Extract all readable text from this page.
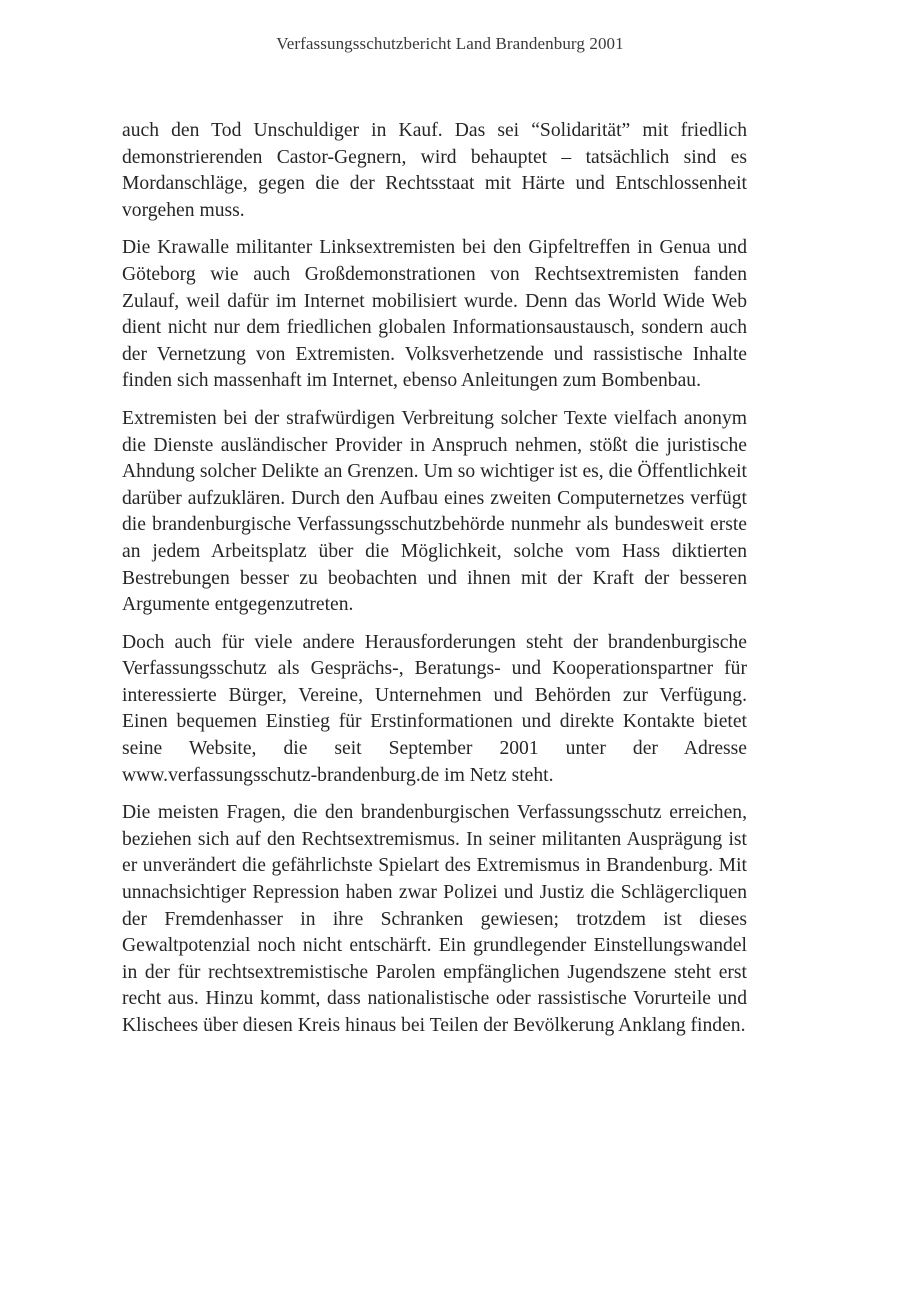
Verfassungsschutzbericht Land Brandenburg 2001

auch den Tod Unschuldiger in Kauf. Das sei “Solidarität” mit friedlich demonstrierenden Castor-Gegnern, wird behauptet – tatsächlich sind es Mordanschläge, gegen die der Rechtsstaat mit Härte und Entschlossenheit vorgehen muss.

Die Krawalle militanter Linksextremisten bei den Gipfeltreffen in Genua und Göteborg wie auch Großdemonstrationen von Rechtsextremisten fanden Zulauf, weil dafür im Internet mobilisiert wurde. Denn das World Wide Web dient nicht nur dem friedlichen globalen Informationsaustausch, sondern auch der Vernetzung von Extremisten. Volksverhetzende und rassistische Inhalte finden sich massenhaft im Internet, ebenso Anleitungen zum Bombenbau.

Extremisten bei der strafwürdigen Verbreitung solcher Texte vielfach anonym die Dienste ausländischer Provider in Anspruch nehmen, stößt die juristische Ahndung solcher Delikte an Grenzen. Um so wichtiger ist es, die Öffentlichkeit darüber aufzuklären. Durch den Aufbau eines zweiten Computernetzes verfügt die brandenburgische Verfassungsschutzbehörde nunmehr als bundesweit erste an jedem Arbeitsplatz über die Möglichkeit, solche vom Hass diktierten Bestrebungen besser zu beobachten und ihnen mit der Kraft der besseren Argumente entgegenzutreten.

Doch auch für viele andere Herausforderungen steht der brandenburgische Verfassungsschutz als Gesprächs-, Beratungs- und Kooperationspartner für interessierte Bürger, Vereine, Unternehmen und Behörden zur Verfügung. Einen bequemen Einstieg für Erstinformationen und direkte Kontakte bietet seine Website, die seit September 2001 unter der Adresse www.verfassungsschutz-brandenburg.de im Netz steht.

Die meisten Fragen, die den brandenburgischen Verfassungsschutz erreichen, beziehen sich auf den Rechtsextremismus. In seiner militanten Ausprägung ist er unverändert die gefährlichste Spielart des Extremismus in Brandenburg. Mit unnachsichtiger Repression haben zwar Polizei und Justiz die Schlägercliquen der Fremdenhasser in ihre Schranken gewiesen; trotzdem ist dieses Gewaltpotenzial noch nicht entschärft. Ein grundlegender Einstellungswandel in der für rechtsextremistische Parolen empfänglichen Jugendszene steht erst recht aus. Hinzu kommt, dass nationalistische oder rassistische Vorurteile und Klischees über diesen Kreis hinaus bei Teilen der Bevölkerung Anklang finden.
